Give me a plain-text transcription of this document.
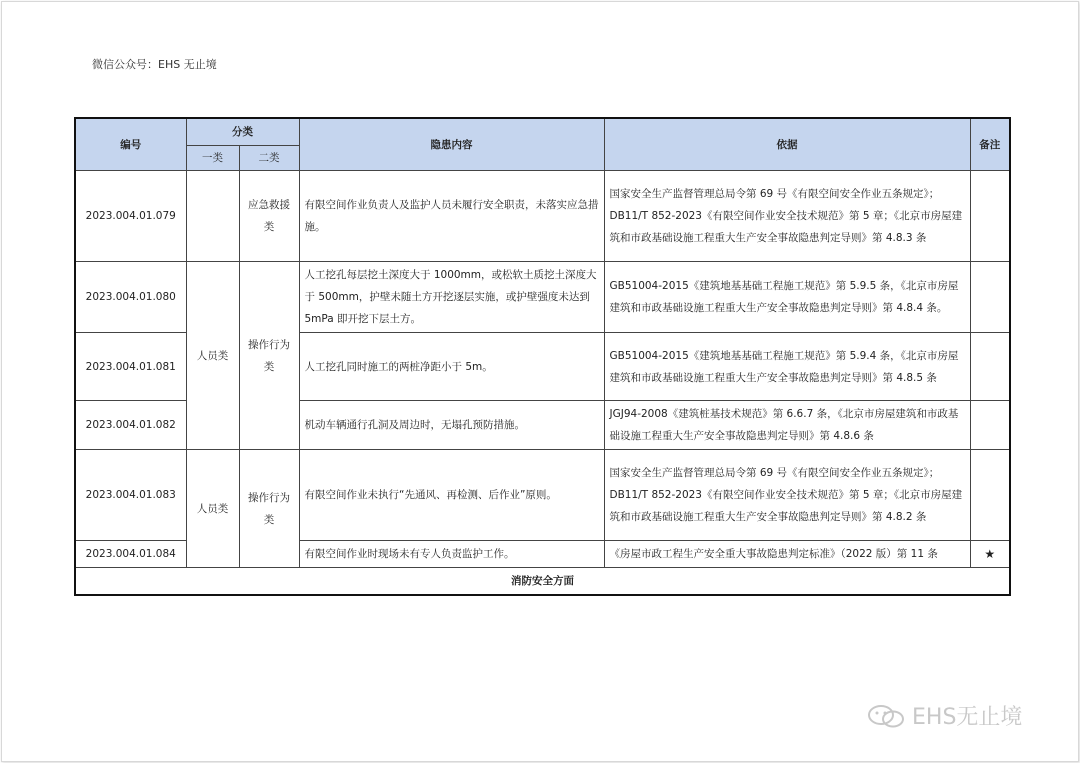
微信公众号：EHS 无止境
编号	分类		隐患内容	依据	备注
	一类	二类			
2023.004.01.079		应急救援类	有限空间作业负责人及监护人员未履行安全职责，未落实应急措施。	国家安全生产监督管理总局令第 69 号《有限空间安全作业五条规定》；DB11/T 852-2023《有限空间作业安全技术规范》第 5 章；《北京市房屋建筑和市政基础设施工程重大生产安全事故隐患判定导则》第 4.8.3 条	
2023.004.01.080	人员类	操作行为类	人工挖孔每层挖土深度大于 1000mm，或松软土质挖土深度大于 500mm，护壁未随土方开挖逐层实施，或护壁强度未达到 5mPa 即开挖下层土方。	GB51004-2015《建筑地基基础工程施工规范》第 5.9.5 条，《北京市房屋建筑和市政基础设施工程重大生产安全事故隐患判定导则》第 4.8.4 条。	
2023.004.01.081			人工挖孔同时施工的两桩净距小于 5m。	GB51004-2015《建筑地基基础工程施工规范》第 5.9.4 条，《北京市房屋建筑和市政基础设施工程重大生产安全事故隐患判定导则》第 4.8.5 条	
2023.004.01.082			机动车辆通行孔洞及周边时，无塌孔预防措施。	JGJ94-2008《建筑桩基技术规范》第 6.6.7 条，《北京市房屋建筑和市政基础设施工程重大生产安全事故隐患判定导则》第 4.8.6 条	
2023.004.01.083	人员类	操作行为类	有限空间作业未执行“先通风、再检测、后作业”原则。	国家安全生产监督管理总局令第 69 号《有限空间安全作业五条规定》；DB11/T 852-2023《有限空间作业安全技术规范》第 5 章；《北京市房屋建筑和市政基础设施工程重大生产安全事故隐患判定导则》第 4.8.2 条	
2023.004.01.084			有限空间作业时现场未有专人负责监护工作。	《房屋市政工程生产安全重大事故隐患判定标准》（2022 版）第 11 条	★
消防安全方面					
EHS无止境
